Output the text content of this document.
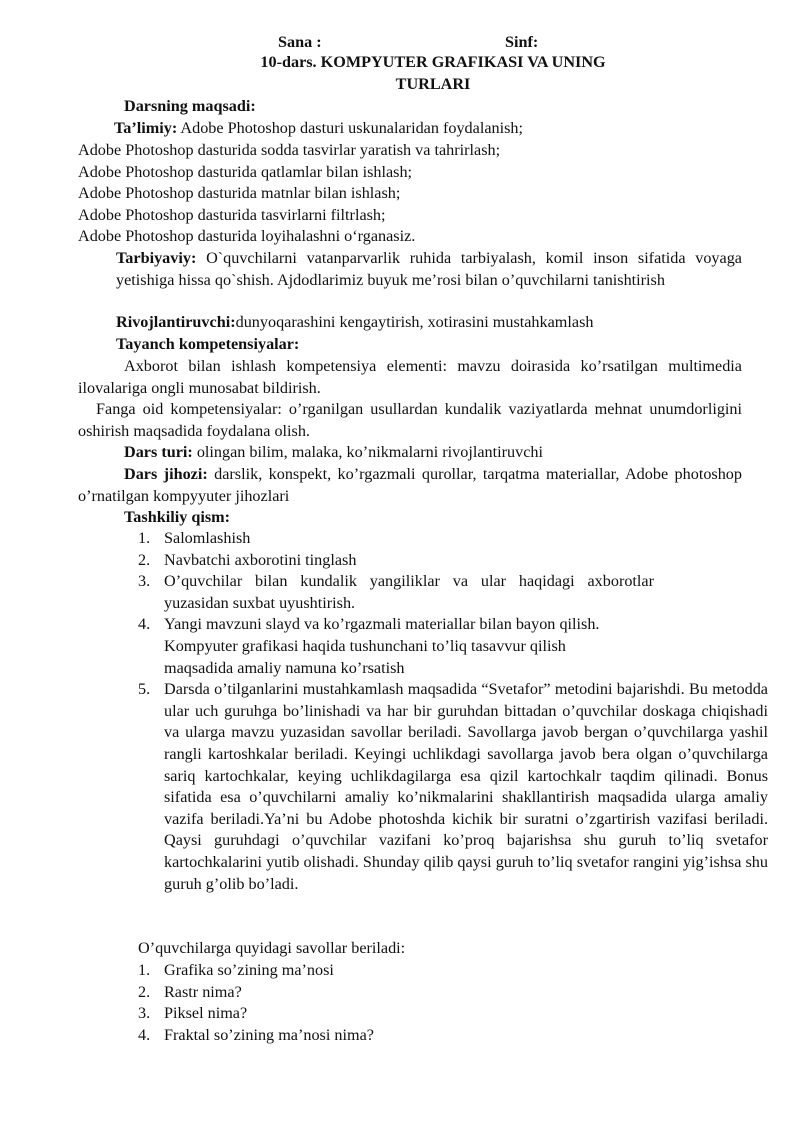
Sana :	Sinf:
10-dars. KOMPYUTER GRAFIKASI VA UNING
TURLARI
Darsning maqsadi:
Ta’limiy: Adobe Photoshop dasturi uskunalaridan foydalanish;
Adobe Photoshop dasturida sodda tasvirlar yaratish va tahrirlash;
Adobe Photoshop dasturida qatlamlar bilan ishlash;
Adobe Photoshop dasturida matnlar bilan ishlash;
Adobe Photoshop dasturida tasvirlarni filtrlash;
Adobe Photoshop dasturida loyihalashni o‘rganasiz.
Tarbiyaviy: O`quvchilarni vatanparvarlik ruhida tarbiyalash, komil inson sifatida voyaga yetishiga hissa qo`shish. Ajdodlarimiz buyuk me’rosi bilan o’quvchilarni tanishtirish
Rivojlantiruvchi:dunyoqarashini kengaytirish, xotirasini mustahkamlash
Tayanch kompetensiyalar:
Axborot bilan ishlash kompetensiya elementi: mavzu doirasida ko’rsatilgan multimedia ilovalariga ongli munosabat bildirish.
Fanga oid kompetensiyalar: o’rganilgan usullardan kundalik vaziyatlarda mehnat unumdorligini oshirish maqsadida foydalana olish.
Dars turi: olingan bilim, malaka, ko’nikmalarni rivojlantiruvchi
Dars jihozi: darslik, konspekt, ko’rgazmali qurollar, tarqatma materiallar, Adobe photoshop o’rnatilgan kompyyuter jihozlari
Tashkiliy qism:
1. Salomlashish
2. Navbatchi axborotini tinglash
3. O’quvchilar bilan kundalik yangiliklar va ular haqidagi axborotlar yuzasidan suxbat uyushtirish.
4. Yangi mavzuni slayd va ko’rgazmali materiallar bilan bayon qilish. Kompyuter grafikasi haqida tushunchani to’liq tasavvur qilish maqsadida amaliy namuna ko’rsatish
5. Darsda o’tilganlarini mustahkamlash maqsadida “Svetafor” metodini bajarishdi. Bu metodda ular uch guruhga bo’linishadi va har bir guruhdan bittadan o’quvchilar doskaga chiqishadi va ularga mavzu yuzasidan savollar beriladi. Savollarga javob bergan o’quvchilarga yashil rangli kartoshkalar beriladi. Keyingi uchlikdagi savollarga javob bera olgan o’quvchilarga sariq kartochkalar, keying uchlikdagilarga esa qizil kartochkalr taqdim qilinadi. Bonus sifatida esa o’quvchilarni amaliy ko’nikmalarini shakllantirish maqsadida ularga amaliy vazifa beriladi.Ya’ni bu Adobe photoshda kichik bir suratni o’zgartirish vazifasi beriladi. Qaysi guruhdagi o’quvchilar vazifani ko’proq bajarishsa shu guruh to’liq svetafor kartochkalarini yutib olishadi. Shunday qilib qaysi guruh to’liq svetafor rangini yig’ishsa shu guruh g’olib bo’ladi.
O’quvchilarga quyidagi savollar beriladi:
1. Grafika so’zining ma’nosi
2. Rastr nima?
3. Piksel nima?
4. Fraktal so’zining ma’nosi nima?
